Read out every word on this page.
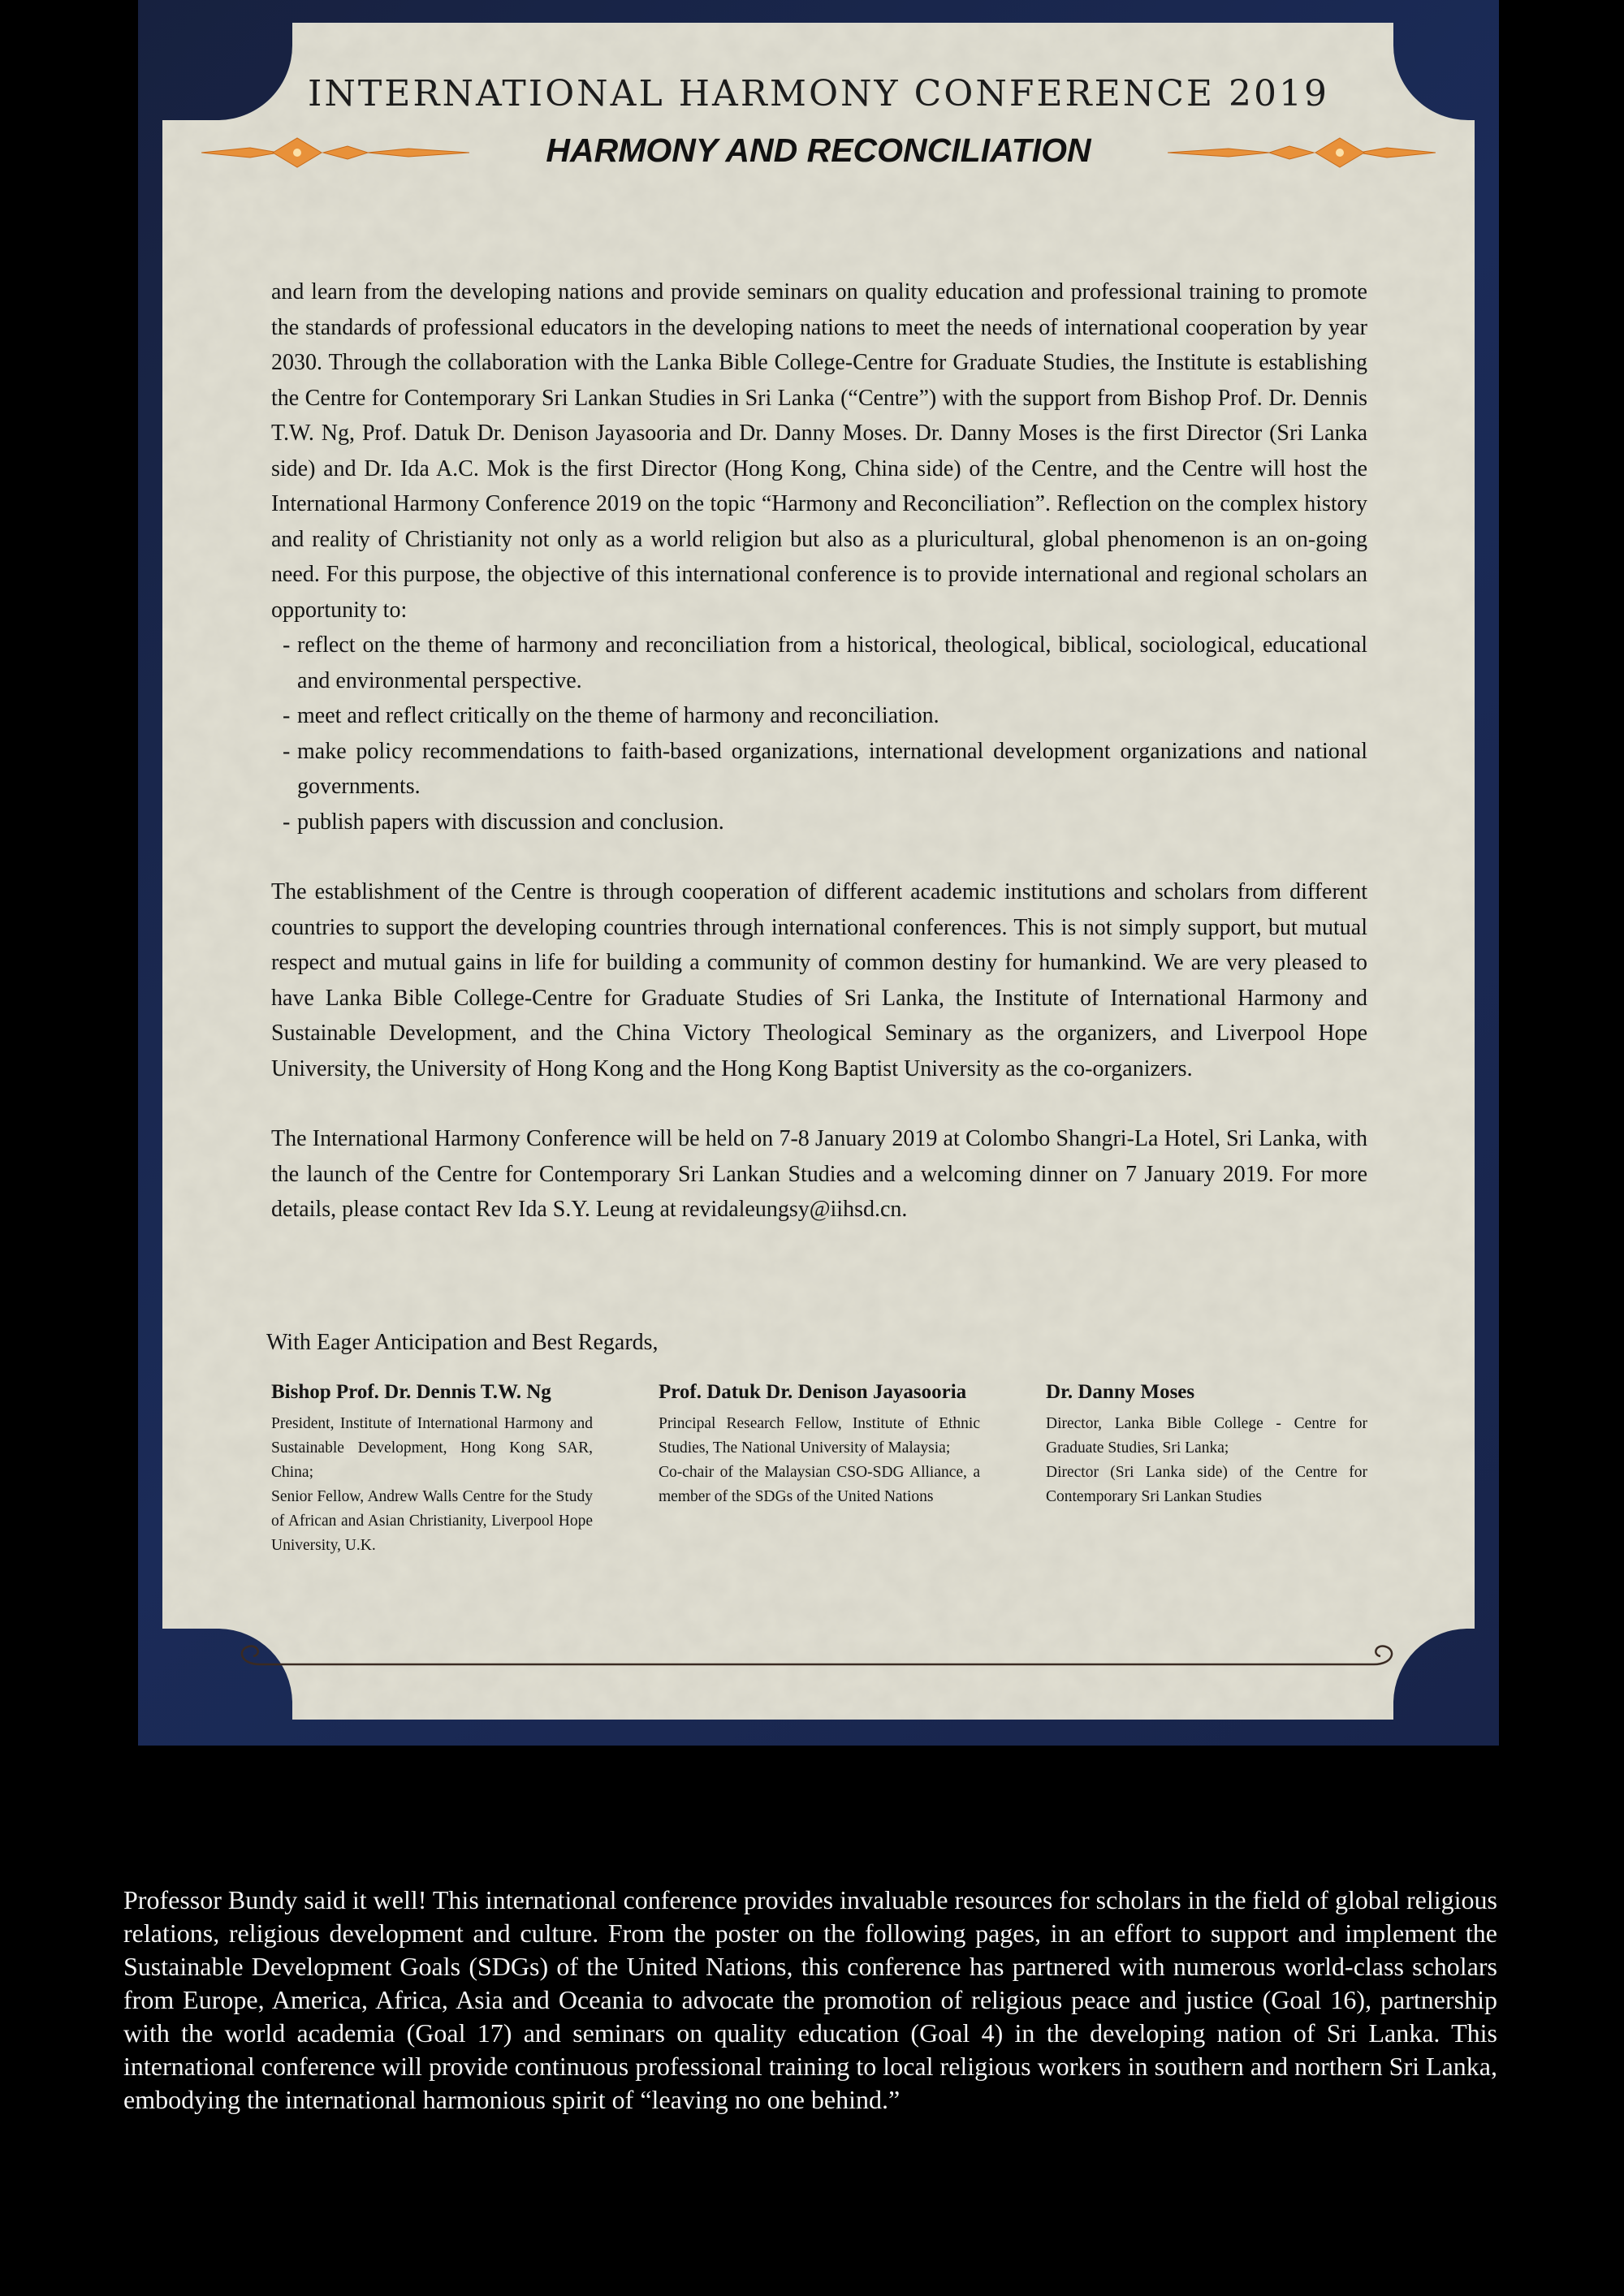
INTERNATIONAL HARMONY CONFERENCE 2019
HARMONY AND RECONCILIATION

and learn from the developing nations and provide seminars on quality education and professional training to promote the standards of professional educators in the developing nations to meet the needs of international cooperation by year 2030. Through the collaboration with the Lanka Bible College-Centre for Graduate Studies, the Institute is establishing the Centre for Contemporary Sri Lankan Studies in Sri Lanka (“Centre”) with the support from Bishop Prof. Dr. Dennis T.W. Ng, Prof. Datuk Dr. Denison Jayasooria and Dr. Danny Moses. Dr. Danny Moses is the first Director (Sri Lanka side) and Dr. Ida A.C. Mok is the first Director (Hong Kong, China side) of the Centre, and the Centre will host the International Harmony Conference 2019 on the topic “Harmony and Reconciliation”. Reflection on the complex history and reality of Christianity not only as a world religion but also as a pluricultural, global phenomenon is an on-going need. For this purpose, the objective of this international conference is to provide international and regional scholars an opportunity to:

- reflect on the theme of harmony and reconciliation from a historical, theological, biblical, sociological, educational and environmental perspective.
- meet and reflect critically on the theme of harmony and reconciliation.
- make policy recommendations to faith-based organizations, international development organizations and national governments.
- publish papers with discussion and conclusion.

The establishment of the Centre is through cooperation of different academic institutions and scholars from different countries to support the developing countries through international conferences. This is not simply support, but mutual respect and mutual gains in life for building a community of common destiny for humankind. We are very pleased to have Lanka Bible College-Centre for Graduate Studies of Sri Lanka, the Institute of International Harmony and Sustainable Development, and the China Victory Theological Seminary as the organizers, and Liverpool Hope University, the University of Hong Kong and the Hong Kong Baptist University as the co-organizers.

The International Harmony Conference will be held on 7-8 January 2019 at Colombo Shangri-La Hotel, Sri Lanka, with the launch of the Centre for Contemporary Sri Lankan Studies and a welcoming dinner on 7 January 2019. For more details, please contact Rev Ida S.Y. Leung at revidaleungsy@iihsd.cn.

With Eager Anticipation and Best Regards,
Bishop Prof. Dr. Dennis T.W. Ng

President, Institute of International Harmony and Sustainable Development, Hong Kong SAR, China;

Senior Fellow, Andrew Walls Centre for the Study of African and Asian Christianity, Liverpool Hope University, U.K.

Prof. Datuk Dr. Denison Jayasooria

Principal Research Fellow, Institute of Ethnic Studies, The National University of Malaysia;

Co-chair of the Malaysian CSO-SDG Alliance, a member of the SDGs of the United Nations

Dr. Danny Moses

Director, Lanka Bible College - Centre for Graduate Studies, Sri Lanka;

Director (Sri Lanka side) of the Centre for Contemporary Sri Lankan Studies

Professor Bundy said it well! This international conference provides invaluable resources for scholars in the field of global religious relations, religious development and culture. From the poster on the following pages, in an effort to support and implement the Sustainable Development Goals (SDGs) of the United Nations, this conference has partnered with numerous world-class scholars from Europe, America, Africa, Asia and Oceania to advocate the promotion of religious peace and justice (Goal 16), partnership with the world academia (Goal 17) and seminars on quality education (Goal 4) in the developing nation of Sri Lanka. This international conference will provide continuous professional training to local religious workers in southern and northern Sri Lanka, embodying the international harmonious spirit of “leaving no one behind.”
